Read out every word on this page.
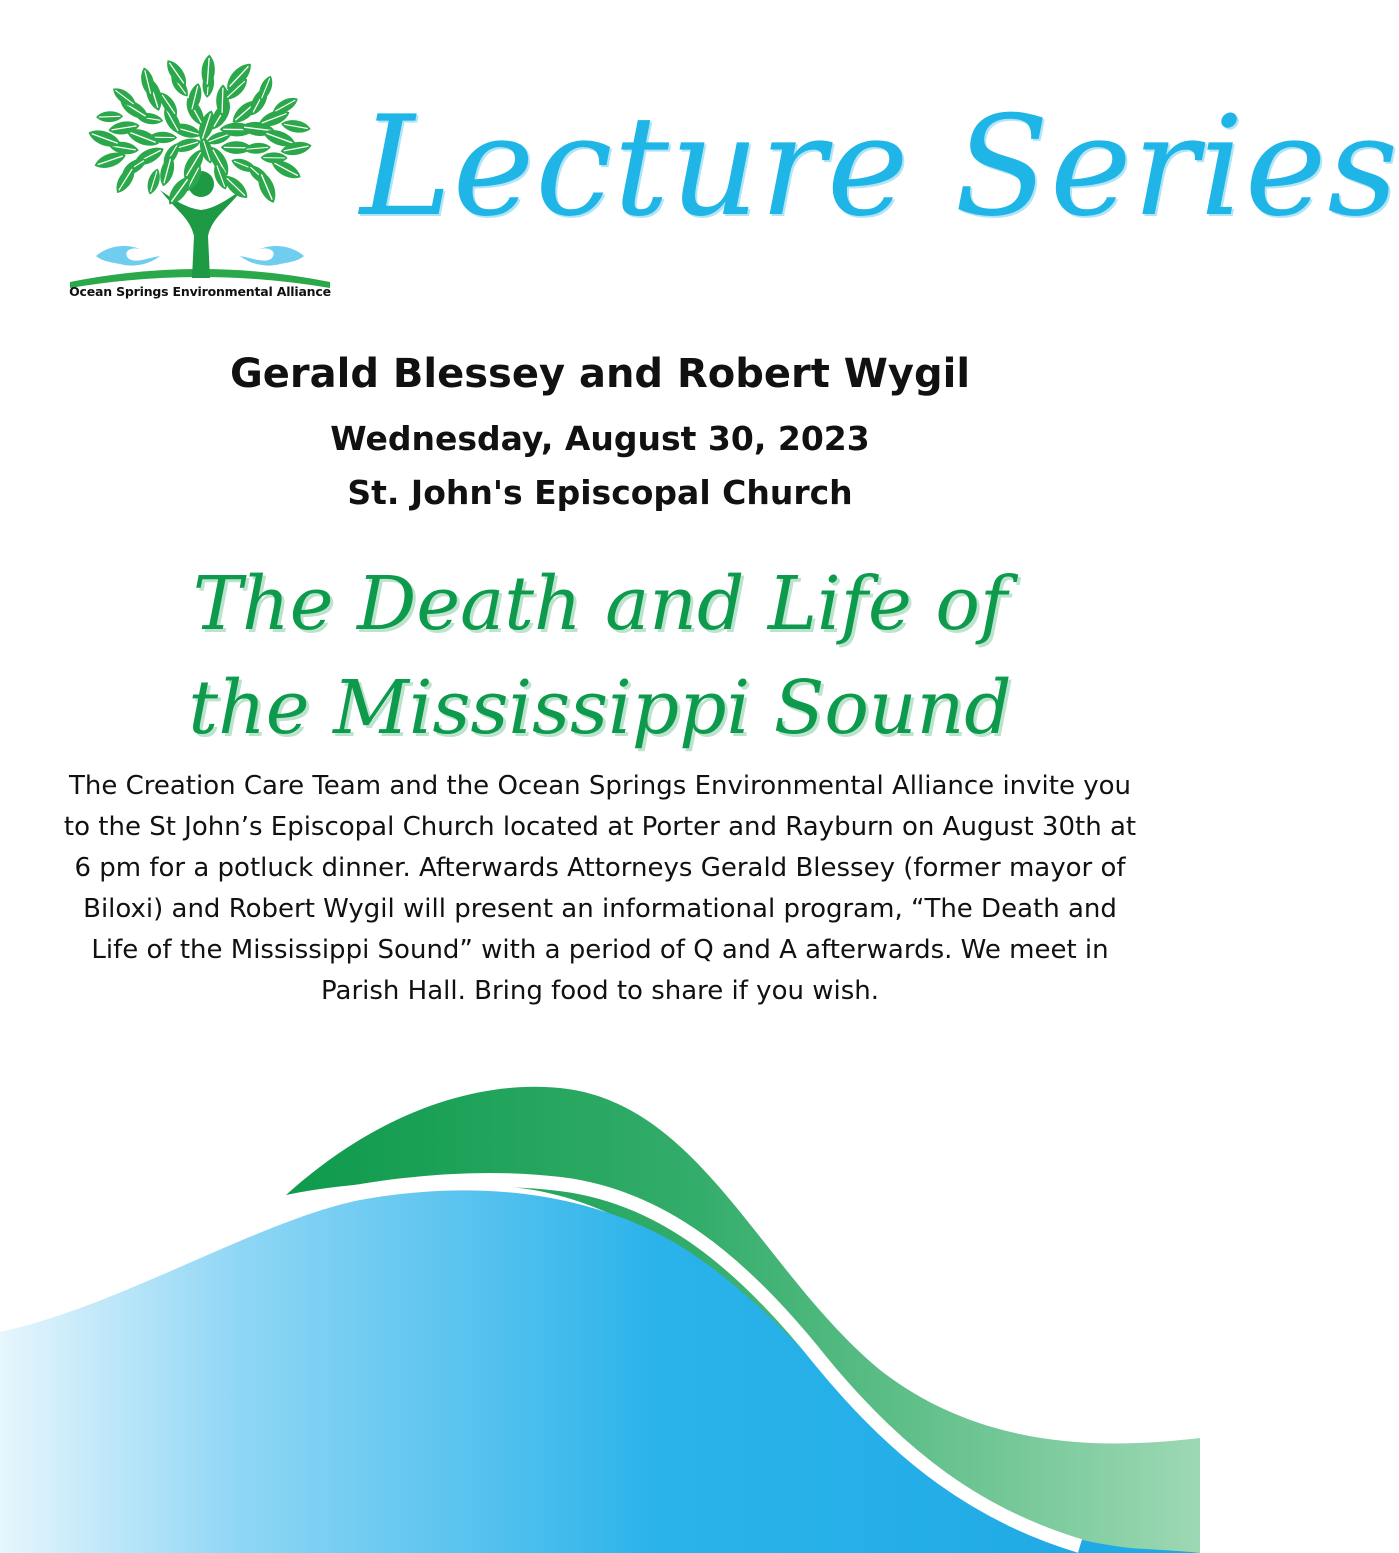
Ocean Springs Environmental Alliance
Lecture Series
Gerald Blessey and Robert Wygil
Wednesday, August 30, 2023
St. John's Episcopal Church
The Death and Life of the Mississippi Sound
The Creation Care Team and the Ocean Springs Environmental Alliance invite you to the St John’s Episcopal Church located at Porter and Rayburn on August 30th at 6 pm for a potluck dinner. Afterwards Attorneys Gerald Blessey (former mayor of Biloxi) and Robert Wygil will present an informational program, “The Death and Life of the Mississippi Sound” with a period of Q and A afterwards. We meet in Parish Hall. Bring food to share if you wish.
